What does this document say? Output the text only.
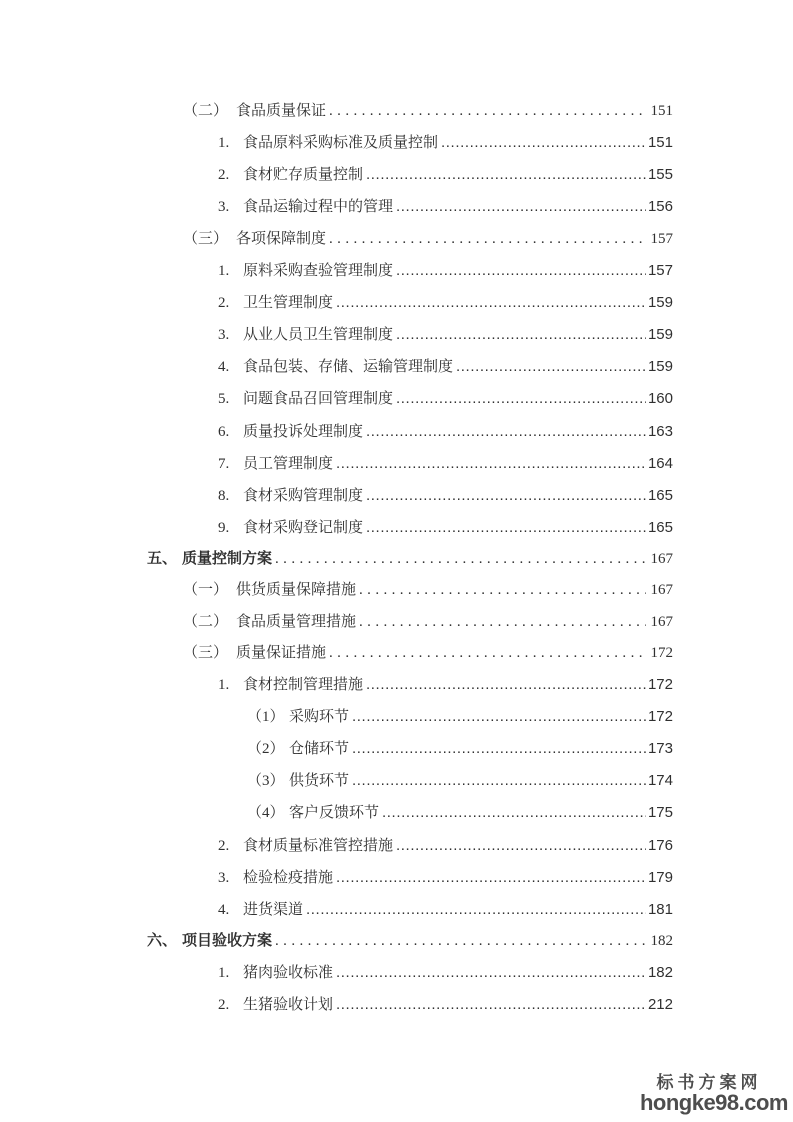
（二） 食品质量保证 .....	151
1. 食品原料采购标准及质量控制 .....	151
2. 食材贮存质量控制 .....	155
3. 食品运输过程中的管理 .....	156
（三） 各项保障制度 .....	157
1. 原料采购查验管理制度 .....	157
2. 卫生管理制度 .....	159
3. 从业人员卫生管理制度 .....	159
4. 食品包装、存储、运输管理制度 .....	159
5. 问题食品召回管理制度 .....	160
6. 质量投诉处理制度 .....	163
7. 员工管理制度 .....	164
8. 食材采购管理制度 .....	165
9. 食材采购登记制度 .....	165
五、 质量控制方案 .....	167
（一） 供货质量保障措施 .....	167
（二） 食品质量管理措施 .....	167
（三） 质量保证措施 .....	172
1. 食材控制管理措施 .....	172
（1） 采购环节 .....	172
（2） 仓储环节 .....	173
（3） 供货环节 .....	174
（4） 客户反馈环节 .....	175
2. 食材质量标准管控措施 .....	176
3. 检验检疫措施 .....	179
4. 进货渠道 .....	181
六、 项目验收方案 .....	182
1. 猪肉验收标准 .....	182
2. 生猪验收计划 .....	212
标书方案网
hongke98.com
